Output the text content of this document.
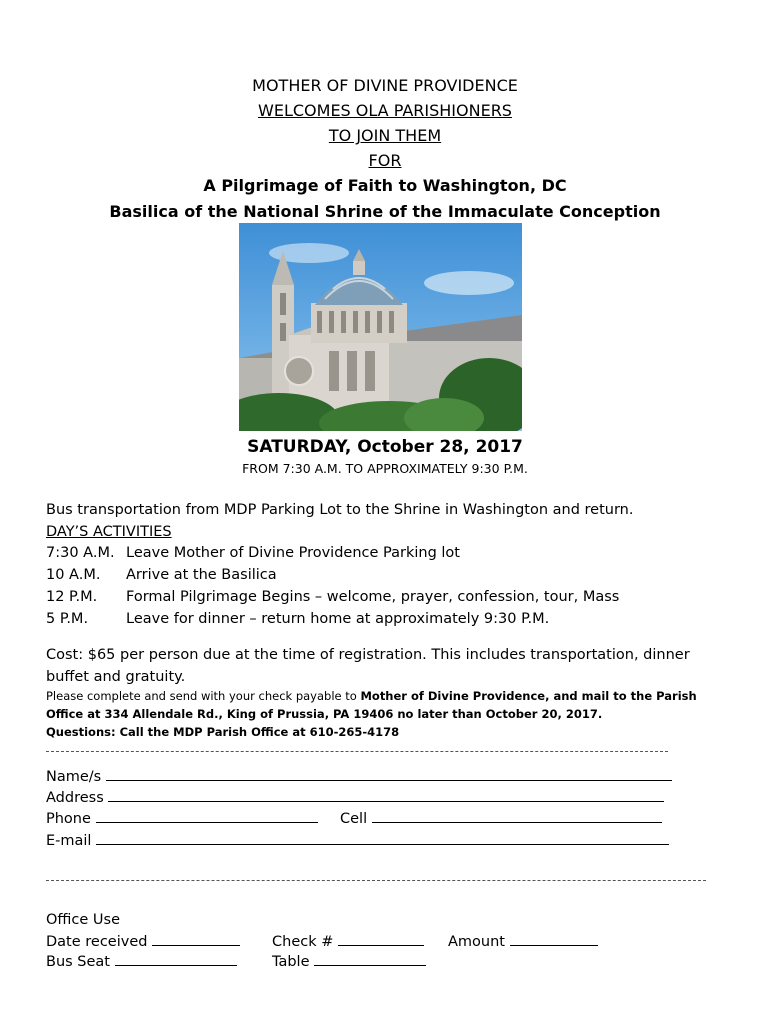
MOTHER OF DIVINE PROVIDENCE
WELCOMES OLA PARISHIONERS
TO JOIN THEM
FOR
A Pilgrimage of Faith to Washington, DC
Basilica of the National Shrine of the Immaculate Conception
SATURDAY, October 28, 2017
FROM 7:30 A.M. TO APPROXIMATELY 9:30 P.M.
Bus transportation from MDP Parking Lot to the Shrine in Washington and return.
DAY’S ACTIVITIES
7:30 A.M. Leave Mother of Divine Providence Parking lot
10 A.M. Arrive at the Basilica
12 P.M. Formal Pilgrimage Begins – welcome, prayer, confession, tour, Mass
5 P.M.	Leave for dinner – return home at approximately 9:30 P.M.
Cost: $65 per person due at the time of registration. This includes transportation, dinner
buffet and gratuity.
Please complete and send with your check payable to Mother of Divine Providence, and mail to the Parish
Office at 334 Allendale Rd., King of Prussia, PA 19406 no later than October 20, 2017.
Questions: Call the MDP Parish Office at 610-265-4178
Name/s
Address
Phone	Cell
E-mail
Office Use
Date received	Check #	Amount
Bus Seat	Table
